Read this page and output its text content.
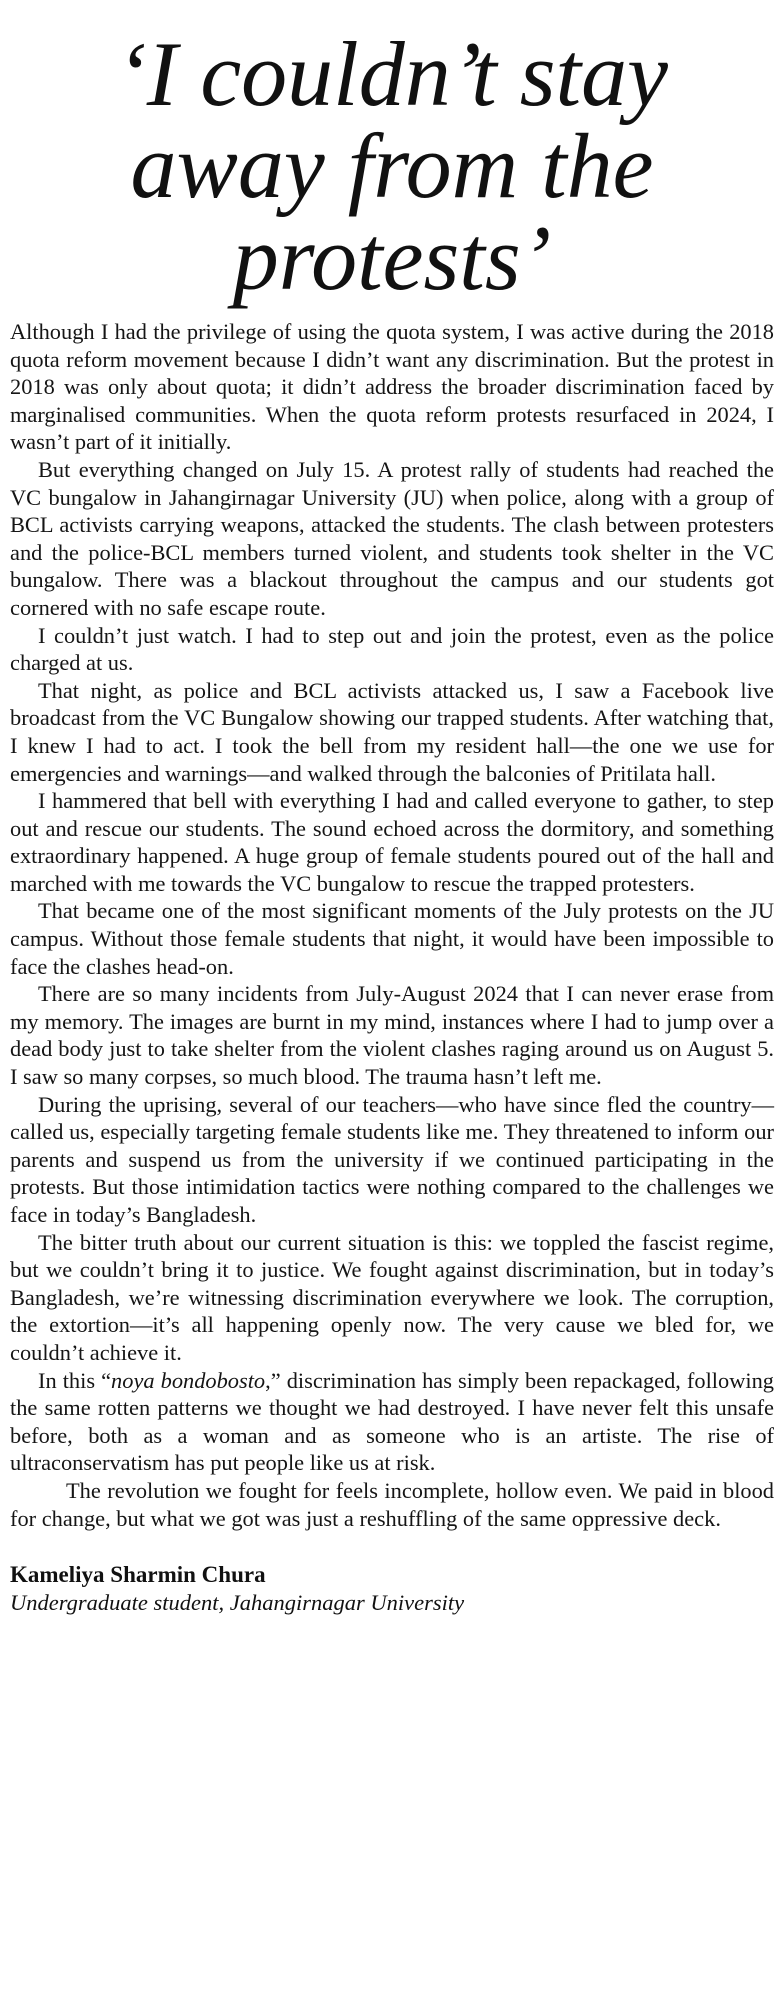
‘I couldn’t stay
away from the
protests’

Although I had the privilege of using the quota system, I was active during the 2018 quota reform movement because I didn’t want any discrimination. But the protest in 2018 was only about quota; it didn’t address the broader discrimination faced by marginalised communities. When the quota reform protests resurfaced in 2024, I wasn’t part of it initially.

But everything changed on July 15. A protest rally of students had reached the VC bungalow in Jahangirnagar University (JU) when police, along with a group of BCL activists carrying weapons, attacked the students. The clash between protesters and the police-BCL members turned violent, and students took shelter in the VC bungalow. There was a blackout throughout the campus and our students got cornered with no safe escape route.

I couldn’t just watch. I had to step out and join the protest, even as the police charged at us.

That night, as police and BCL activists attacked us, I saw a Facebook live broadcast from the VC Bungalow showing our trapped students. After watching that, I knew I had to act. I took the bell from my resident hall—the one we use for emergencies and warnings—and walked through the balconies of Pritilata hall.

I hammered that bell with everything I had and called everyone to gather, to step out and rescue our students. The sound echoed across the dormitory, and something extraordinary happened. A huge group of female students poured out of the hall and marched with me towards the VC bungalow to rescue the trapped protesters.

That became one of the most significant moments of the July protests on the JU campus. Without those female students that night, it would have been impossible to face the clashes head-on.

There are so many incidents from July-August 2024 that I can never erase from my memory. The images are burnt in my mind, instances where I had to jump over a dead body just to take shelter from the violent clashes raging around us on August 5. I saw so many corpses, so much blood. The trauma hasn’t left me.

During the uprising, several of our teachers—who have since fled the country—called us, especially targeting female students like me. They threatened to inform our parents and suspend us from the university if we continued participating in the protests. But those intimidation tactics were nothing compared to the challenges we face in today’s Bangladesh.

The bitter truth about our current situation is this: we toppled the fascist regime, but we couldn’t bring it to justice. We fought against discrimination, but in today’s Bangladesh, we’re witnessing discrimination everywhere we look. The corruption, the extortion—it’s all happening openly now. The very cause we bled for, we couldn’t achieve it.

In this “noya bondobosto,” discrimination has simply been repackaged, following the same rotten patterns we thought we had destroyed. I have never felt this unsafe before, both as a woman and as someone who is an artiste. The rise of ultraconservatism has put people like us at risk.

The revolution we fought for feels incomplete, hollow even. We paid in blood for change, but what we got was just a reshuffling of the same oppressive deck.

Kameliya Sharmin Chura
Undergraduate student, Jahangirnagar University
